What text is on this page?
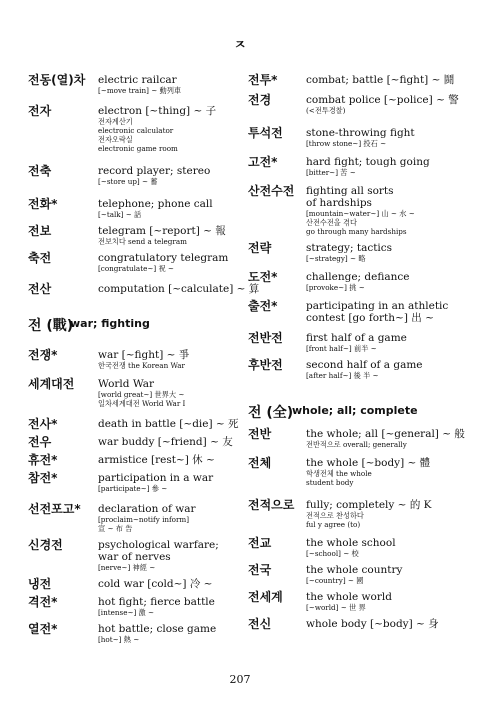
ㅈ
전동(열)차 electric railcar
[~move train] ~ 動列車
전자	electron [~thing] ~ 子
전자계산기
electronic calculator
전자오락실
electronic game room
전축	record player; stereo
[~store up] ~ 蓄
전화*	telephone; phone call
[~talk] ~ 話
전보	telegram [~report] ~ 報
전보치다 send a telegram
축전	congratulatory telegram
[congratulate~] 祝 ~
전산	computation [~calculate] ~ 算
전 (戰)
war; fighting
전쟁*	war [~fight] ~ 爭
한국전쟁 the Korean War
세계대전 World War
[world great~] 世界大 ~
일차세계대전 World War I
전사*	death in battle [~die] ~ 死
전우	war buddy [~friend] ~ 友
휴전*	armistice [rest~] 休 ~
참전*	participation in a war
[participate~] 參 ~
선전포고* declaration of war
[proclaim~notify inform]
宣 ~ 布 告
신경전	psychological warfare;
war of nerves
[nerve~] 神經 ~
냉전	cold war [cold~] 冷 ~
격전*	hot fight; fierce battle
[intense~] 激 ~
열전*	hot battle; close game
[hot~] 熱 ~
전투*	combat; battle [~fight] ~ 鬪
전경	combat police [~police] ~ 警
(<전투경찰)
투석전 stone-throwing fight
[throw stone~] 投石 ~
고전*	hard fight; tough going
[bitter~] 苦 ~
산전수전 fighting all sorts
of hardships
[mountain~water~] 山 ~ 水 ~
산전수전을 겪다
go through many hardships
전략	strategy; tactics
[~strategy] ~ 略
도전*	challenge; defiance
[provoke~] 挑 ~
출전*	participating in an athletic
contest [go forth~] 出 ~
전반전 first half of a game
[front half~] 前半 ~
후반전 second half of a game
[after half~] 後 半 ~
전 (全)
whole; all; complete
전반	the whole; all [~general] ~ 般
전반적으로 overall; generally
전체	the whole [~body] ~ 體
학생전체 the whole
student body
전적으로 fully; completely ~ 的 K
전적으로 찬성하다
ful y agree (to)
전교	the whole school
[~school] ~ 校
전국	the whole country
[~country] ~ 國
전세계 the whole world
[~world] ~ 世 界
전신	whole body [~body] ~ 身
207
